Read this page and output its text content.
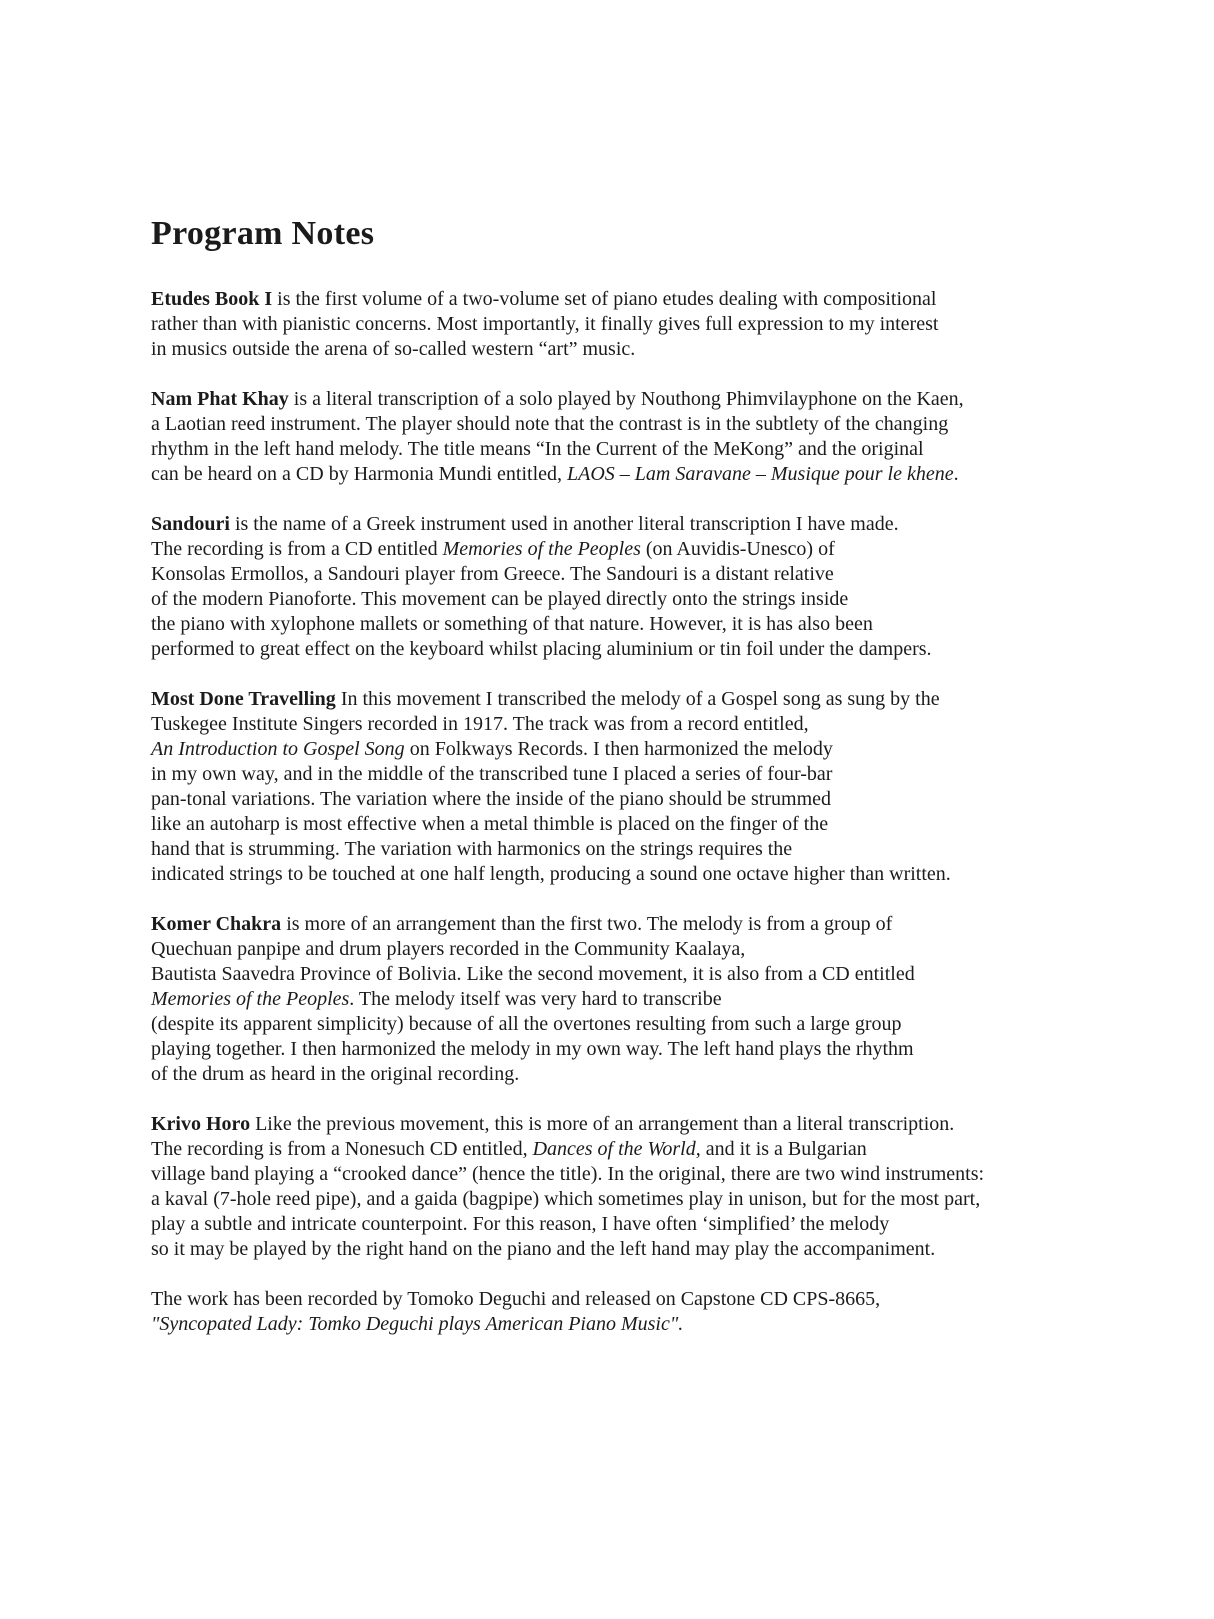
Program Notes

Etudes Book I is the first volume of a two-volume set of piano etudes dealing with compositional
rather than with pianistic concerns. Most importantly, it finally gives full expression to my interest
in musics outside the arena of so-called western “art” music.

Nam Phat Khay is a literal transcription of a solo played by Nouthong Phimvilayphone on the Kaen,
a Laotian reed instrument. The player should note that the contrast is in the subtlety of the changing
rhythm in the left hand melody. The title means “In the Current of the MeKong” and the original
can be heard on a CD by Harmonia Mundi entitled, LAOS – Lam Saravane – Musique pour le khene.

Sandouri is the name of a Greek instrument used in another literal transcription I have made.
The recording is from a CD entitled Memories of the Peoples (on Auvidis-Unesco) of
Konsolas Ermollos, a Sandouri player from Greece. The Sandouri is a distant relative
of the modern Pianoforte. This movement can be played directly onto the strings inside
the piano with xylophone mallets or something of that nature. However, it is has also been
performed to great effect on the keyboard whilst placing aluminium or tin foil under the dampers.

Most Done Travelling In this movement I transcribed the melody of a Gospel song as sung by the
Tuskegee Institute Singers recorded in 1917. The track was from a record entitled,
An Introduction to Gospel Song on Folkways Records. I then harmonized the melody
in my own way, and in the middle of the transcribed tune I placed a series of four-bar
pan-tonal variations. The variation where the inside of the piano should be strummed
like an autoharp is most effective when a metal thimble is placed on the finger of the
hand that is strumming. The variation with harmonics on the strings requires the
indicated strings to be touched at one half length, producing a sound one octave higher than written.

Komer Chakra is more of an arrangement than the first two. The melody is from a group of
Quechuan panpipe and drum players recorded in the Community Kaalaya,
Bautista Saavedra Province of Bolivia. Like the second movement, it is also from a CD entitled
Memories of the Peoples. The melody itself was very hard to transcribe
(despite its apparent simplicity) because of all the overtones resulting from such a large group
playing together. I then harmonized the melody in my own way. The left hand plays the rhythm
of the drum as heard in the original recording.

Krivo Horo Like the previous movement, this is more of an arrangement than a literal transcription.
The recording is from a Nonesuch CD entitled, Dances of the World, and it is a Bulgarian
village band playing a “crooked dance” (hence the title). In the original, there are two wind instruments:
a kaval (7-hole reed pipe), and a gaida (bagpipe) which sometimes play in unison, but for the most part,
play a subtle and intricate counterpoint. For this reason, I have often ‘simplified’ the melody
so it may be played by the right hand on the piano and the left hand may play the accompaniment.

The work has been recorded by Tomoko Deguchi and released on Capstone CD CPS-8665,
"Syncopated Lady: Tomko Deguchi plays American Piano Music".
